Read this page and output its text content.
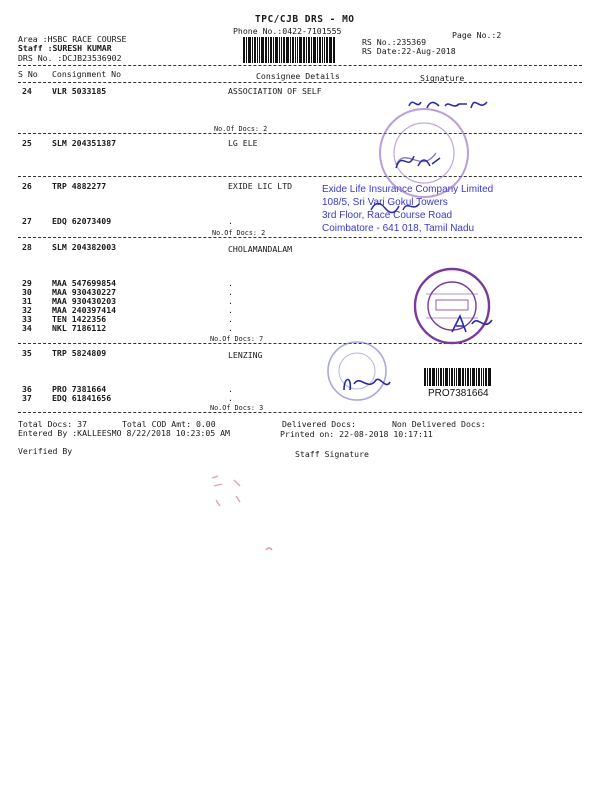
TPC/CJB DRS - MO
Phone No.:0422-7101555
Area :HSBC RACE COURSE
Staff :SURESH KUMAR
DRS No. :DCJB23536902
Page No.:2
RS No.:235369
RS Date:22-Aug-2018
S No Consignment No	Consignee Details	Signature
24 VLR 5033185	ASSOCIATION OF SELF
No.Of Docs: 2
25 SLM 204351387	LG ELE
26 TRP 4882277	EXIDE LIC LTD
27 EDQ 62073409	.
No.Of Docs: 2
28 SLM 204382003	CHOLAMANDALAM
29 MAA 547699854	.
30 MAA 930430227	.
31 MAA 930430203	.
32 MAA 240397414	.
33 TEN 1422356	.
34 NKL 7186112	.
No.Of Docs: 7
35 TRP 5824809	LENZING
36 PRO 7381664	.
37 EDQ 61841656	.
No.Of Docs: 3
Total Docs: 37	Total COD Amt: 0.00	Delivered Docs:	Non Delivered Docs:
Entered By :KALLEESMO 8/22/2018 10:23:05 AM	Printed on: 22-08-2018 10:17:11
Verified By	Staff Signature
Exide Life Insurance Company Limited
108/5, Sri Vari Gokul Towers
3rd Floor, Race Course Road
Coimbatore - 641 018, Tamil Nadu
PRO7381664
